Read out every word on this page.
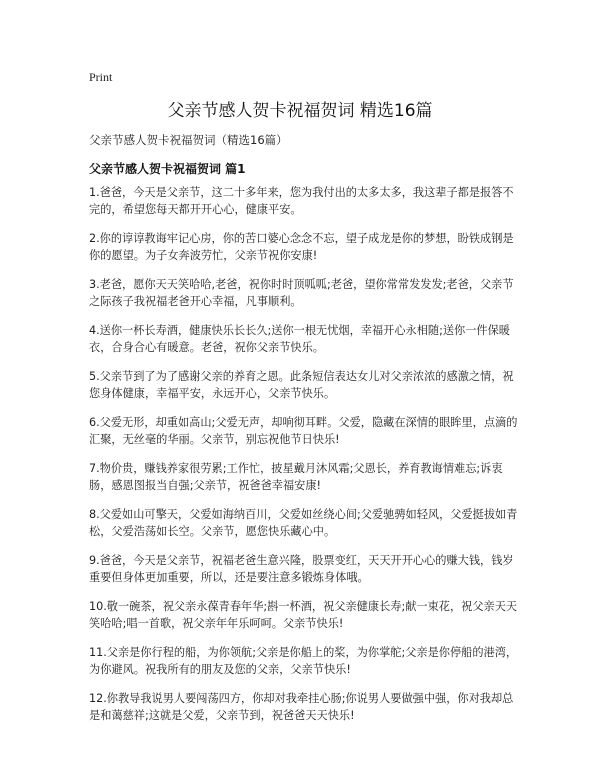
Print
父亲节感人贺卡祝福贺词 精选16篇

父亲节感人贺卡祝福贺词（精选16篇）

父亲节感人贺卡祝福贺词 篇1

1.爸爸，今天是父亲节，这二十多年来，您为我付出的太多太多，我这辈子都是报答不完的，希望您每天都开开心心，健康平安。

2.你的谆谆教诲牢记心房，你的苦口婆心念念不忘，望子成龙是你的梦想，盼铁成钢是你的愿望。为子女奔波劳忙，父亲节祝你安康!

3.老爸，愿你天天笑哈哈,老爸，祝你时时顶呱呱;老爸，望你常常发发发;老爸，父亲节之际孩子我祝福老爸开心幸福，凡事顺利。

4.送你一杯长寿酒，健康快乐长长久;送你一根无忧烟，幸福开心永相随;送你一件保暖衣，合身合心有暖意。老爸，祝你父亲节快乐。

5.父亲节到了为了感谢父亲的养育之恩。此条短信表达女儿对父亲浓浓的感激之情，祝您身体健康，幸福平安，永远开心，父亲节快乐。

6.父爱无形，却重如高山;父爱无声，却响彻耳畔。父爱，隐藏在深情的眼眸里，点滴的汇聚，无丝毫的华丽。父亲节，别忘祝他节日快乐!

7.物价贵，赚钱养家很劳累;工作忙，披星戴月沐风霜;父恩长，养育教诲情难忘;诉衷肠，感恩图报当自强;父亲节，祝爸爸幸福安康!

8.父爱如山可擎天，父爱如海纳百川，父爱如丝绕心间;父爱驰骋如轻风，父爱挺拔如青松，父爱浩荡如长空。父亲节，愿您快乐藏心中。

9.爸爸，今天是父亲节，祝福老爸生意兴隆，股票变红，天天开开心心的赚大钱，钱岁重要但身体更加重要，所以，还是要注意多锻炼身体哦。

10.敬一碗茶，祝父亲永葆青春年华;斟一杯酒，祝父亲健康长寿;献一束花，祝父亲天天笑哈哈;唱一首歌，祝父亲年年乐呵呵。父亲节快乐!

11.父亲是你行程的船，为你领航;父亲是你船上的桨，为你掌舵;父亲是你停船的港湾，为你避风。祝我所有的朋友及您的父亲，父亲节快乐!

12.你教导我说男人要闯荡四方，你却对我牵挂心肠;你说男人要做强中强，你对我却总是和蔼慈祥;这就是父爱，父亲节到，祝爸爸天天快乐!
